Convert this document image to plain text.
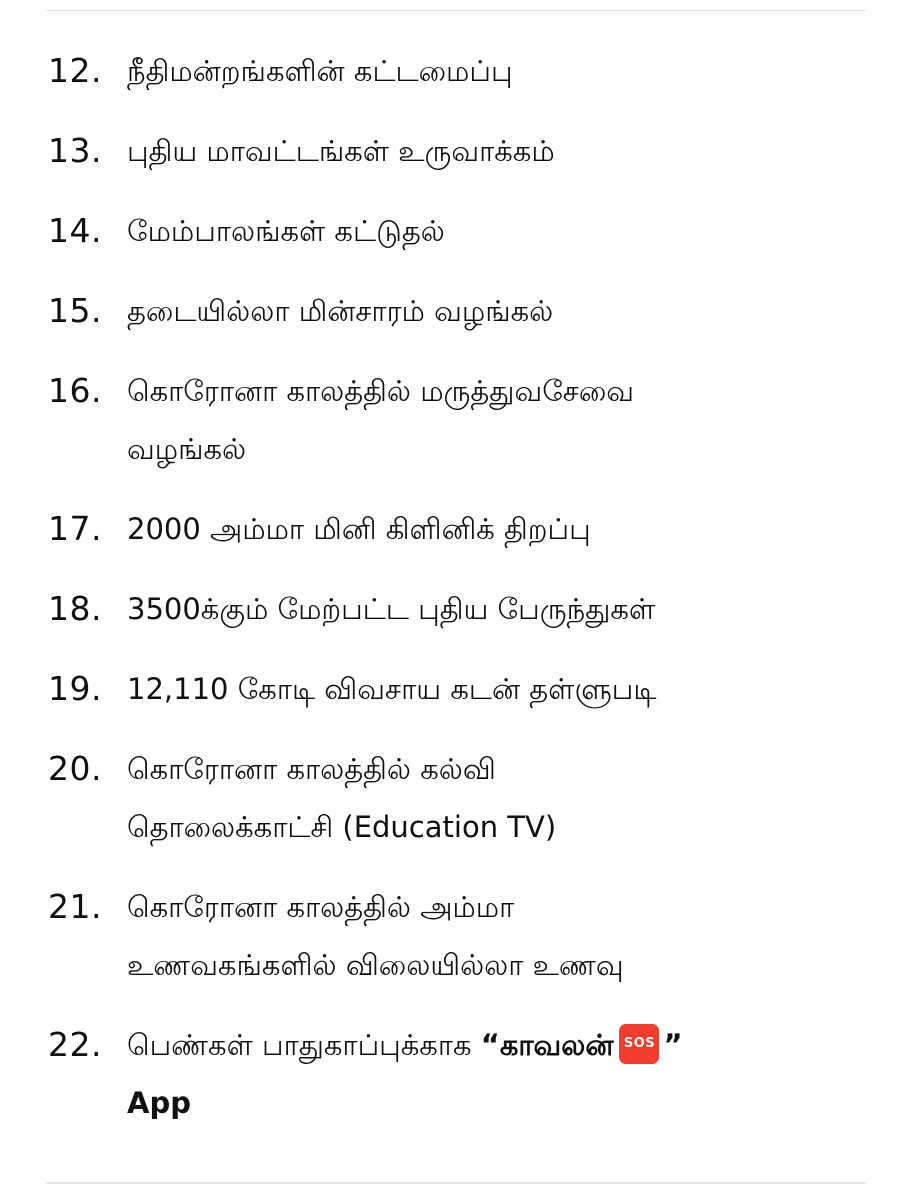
12. நீதிமன்றங்களின் கட்டமைப்பு
13. புதிய மாவட்டங்கள் உருவாக்கம்
14. மேம்பாலங்கள் கட்டுதல்
15. தடையில்லா மின்சாரம் வழங்கல்
16. கொரோனா காலத்தில் மருத்துவசேவை
வழங்கல்
17. 2000 அம்மா மினி கிளினிக் திறப்பு
18. 3500க்கும் மேற்பட்ட புதிய பேருந்துகள்
19. 12,110 கோடி விவசாய கடன் தள்ளுபடி
20. கொரோனா காலத்தில் கல்வி
தொலைக்காட்சி (Education TV)
21. கொரோனா காலத்தில் அம்மா
உணவகங்களில் விலையில்லா உணவு
22. பெண்கள் பாதுகாப்புக்காக “காவலன் SOS ”
App
